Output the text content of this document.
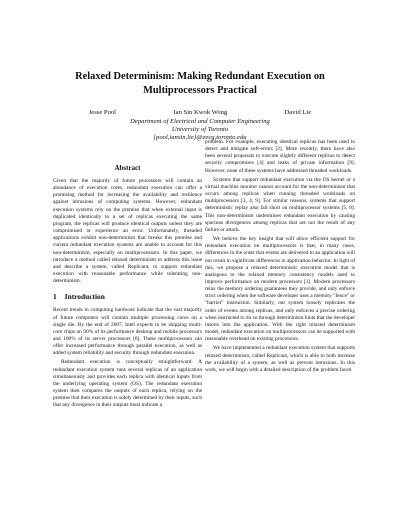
Relaxed Determinism: Making Redundant Execution on
Multiprocessors Practical
Jesse Pool	Ian Sin Kwok Wong	David Lie
Department of Electrical and Computer Engineering
University of Toronto
{pool,iansin,lie}@eecg.toronto.edu
Abstract

Given that the majority of future processors will contain an abundance of execution cores, redundant execution can offer a promising method for increasing the availability and resilience against intrusions of computing systems. However, redundant execution systems rely on the premise that when external input is duplicated identically to a set of replicas executing the same program, the replicas will produce identical outputs unless they are compromised or experience an error. Unfortunately, threaded applications exhibit non-determinism that breaks this premise and current redundant execution systems are unable to account for this non-determinism, especially on multiprocessors. In this paper, we introduce a method called relaxed determinism to address this issue and describe a system, called Replicant, to support redundant execution with reasonable performance while tolerating non-determinism.

1 Introduction

Recent trends in computing hardware indicate that the vast majority of future computers will contain multiple processing cores on a single die. By the end of 2007, Intel expects to be shipping multi-core chips on 90% of its performance desktop and mobile processors and 100% of its server processors [6]. These multiprocessors can offer increased performance through parallel execution, as well as added system reliability and security through redundant execution.

Redundant execution is conceptually straightforward. A redundant execution system runs several replicas of an application simultaneously and provides each replica with identical inputs from the underlying operating system (OS). The redundant execution system then compares the outputs of each replica, relying on the premise that their execution is solely determined by their inputs, such that any divergence in their outputs must indicate a

problem. For example, executing identical replicas has been used to detect and mitigate soft-errors [2]. More recently, there have also been several proposals to execute slightly different replicas to detect security compromises [4] and leaks of private information [9]. However, none of these systems have addressed threaded workloads.

Systems that support redundant execution via the OS kernel or a virtual machine monitor cannot account for the non-determinism that occurs among replicas when running threaded workloads on multiprocessors [3, 4, 9]. For similar reasons, systems that support deterministic replay also fall short on multiprocessor systems [5, 8]. This non-determinism undermines redundant execution by causing spurious divergences among replicas that are not the result of any failure or attack.

We believe the key insight that will allow efficient support for redundant execution on multiprocessors is that, in many cases, differences in the order that events are delivered to an application will not result in significant differences in application behavior. In light of this, we propose a relaxed deterministic execution model that is analogous to the relaxed memory consistency models used to improve performance on modern processors [1]. Modern processors relax the memory ordering guarantees they provide, and only enforce strict ordering when the software developer uses a memory "fence" or "barrier" instruction. Similarly, our system loosely replicates the order of events among replicas, and only enforces a precise ordering when instructed to do so through determinism hints that the developer inserts into the application. With the right relaxed determinism model, redundant execution on multiprocessors can be supported with reasonable overhead on existing processors.

We have implemented a redundant execution system that supports relaxed determinism, called Replicant, which is able to both increase the availability of a system, as well as prevent intrusions. In this work, we will begin with a detailed description of the problem faced
